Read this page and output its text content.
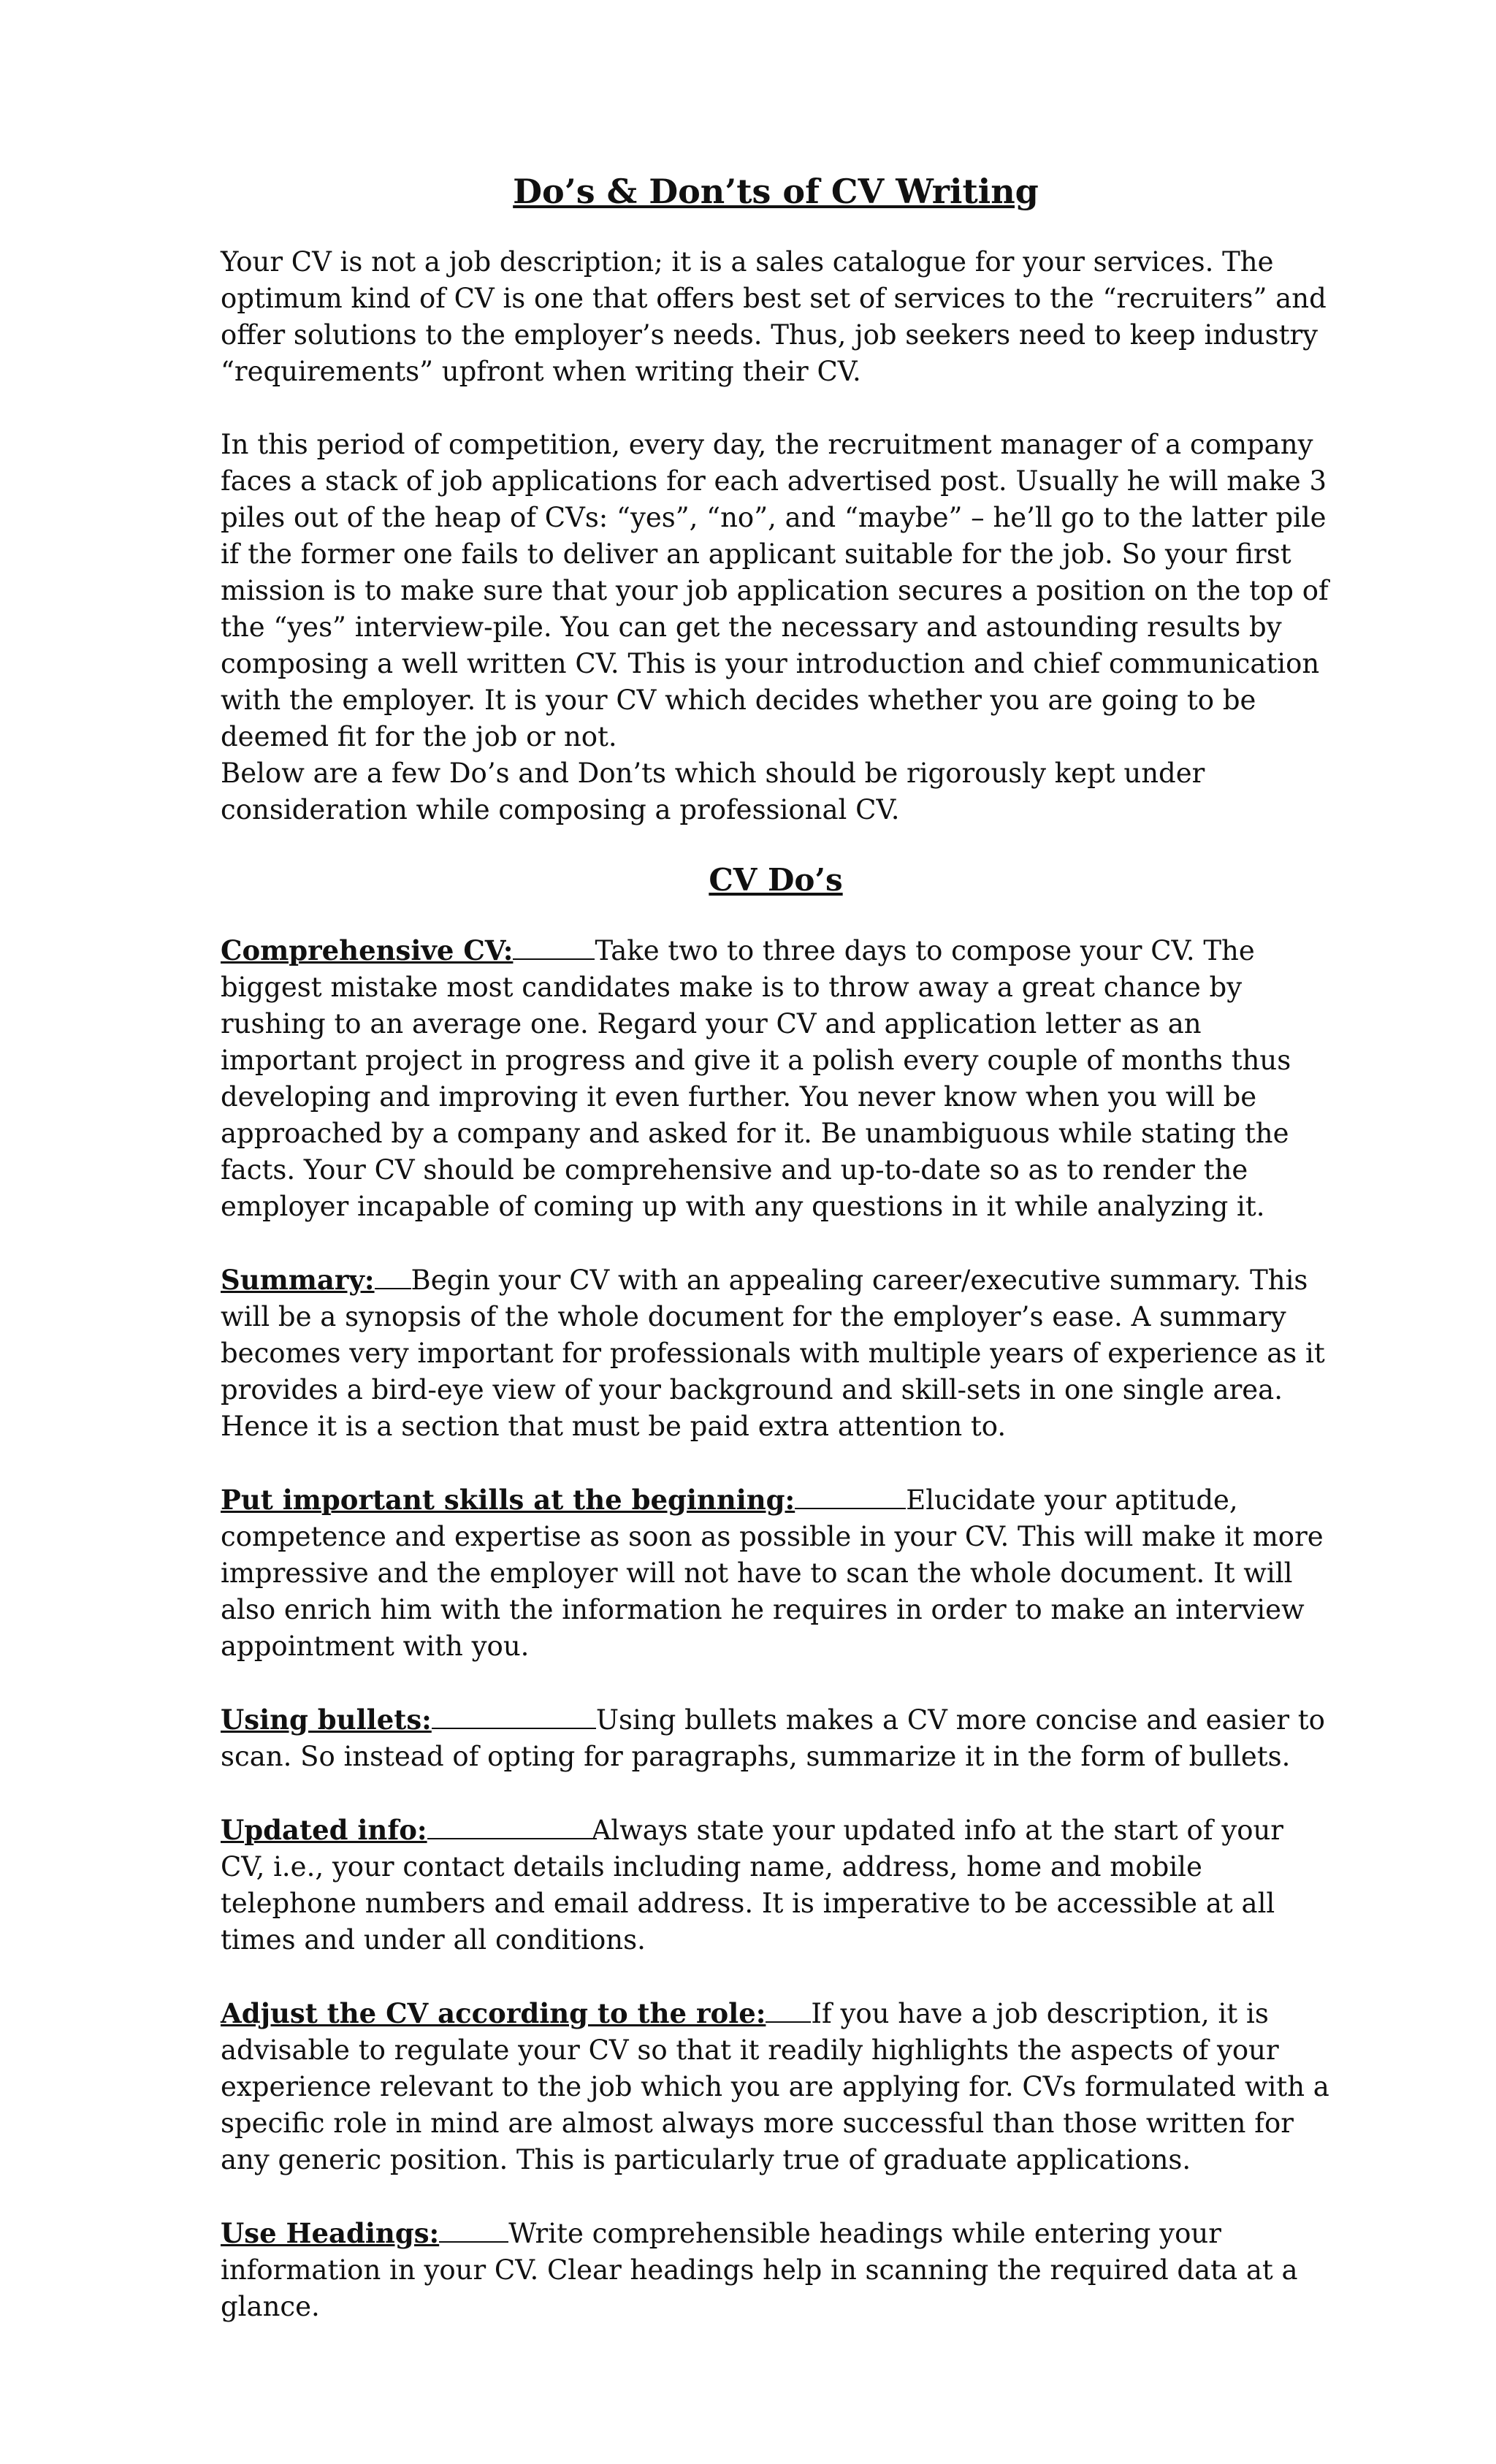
Do’s & Don’ts of CV Writing

Your CV is not a job description; it is a sales catalogue for your services. The optimum kind of CV is one that offers best set of services to the “recruiters” and offer solutions to the employer’s needs. Thus, job seekers need to keep industry “requirements” upfront when writing their CV.

In this period of competition, every day, the recruitment manager of a company faces a stack of job applications for each advertised post. Usually he will make 3 piles out of the heap of CVs: “yes”, “no”, and “maybe” – he’ll go to the latter pile if the former one fails to deliver an applicant suitable for the job. So your first mission is to make sure that your job application secures a position on the top of the “yes” interview-pile. You can get the necessary and astounding results by composing a well written CV. This is your introduction and chief communication with the employer. It is your CV which decides whether you are going to be deemed fit for the job or not.

Below are a few Do’s and Don’ts which should be rigorously kept under consideration while composing a professional CV.

CV Do’s

Comprehensive CV:	Take two to three days to compose your CV. The biggest mistake most candidates make is to throw away a great chance by rushing to an average one. Regard your CV and application letter as an important project in progress and give it a polish every couple of months thus developing and improving it even further. You never know when you will be approached by a company and asked for it. Be unambiguous while stating the facts. Your CV should be comprehensive and up-to-date so as to render the employer incapable of coming up with any questions in it while analyzing it.

Summary: Begin your CV with an appealing career/executive summary. This will be a synopsis of the whole document for the employer’s ease. A summary becomes very important for professionals with multiple years of experience as it provides a bird-eye view of your background and skill-sets in one single area. Hence it is a section that must be paid extra attention to.

Put important skills at the beginning:	Elucidate your aptitude, competence and expertise as soon as possible in your CV. This will make it more impressive and the employer will not have to scan the whole document. It will also enrich him with the information he requires in order to make an interview appointment with you.

Using bullets:	Using bullets makes a CV more concise and easier to scan. So instead of opting for paragraphs, summarize it in the form of bullets.

Updated info:	Always state your updated info at the start of your CV, i.e., your contact details including name, address, home and mobile telephone numbers and email address. It is imperative to be accessible at all times and under all conditions.

Adjust the CV according to the role: If you have a job description, it is advisable to regulate your CV so that it readily highlights the aspects of your experience relevant to the job which you are applying for. CVs formulated with a specific role in mind are almost always more successful than those written for any generic position. This is particularly true of graduate applications.

Use Headings:	Write comprehensible headings while entering your information in your CV. Clear headings help in scanning the required data at a glance.
